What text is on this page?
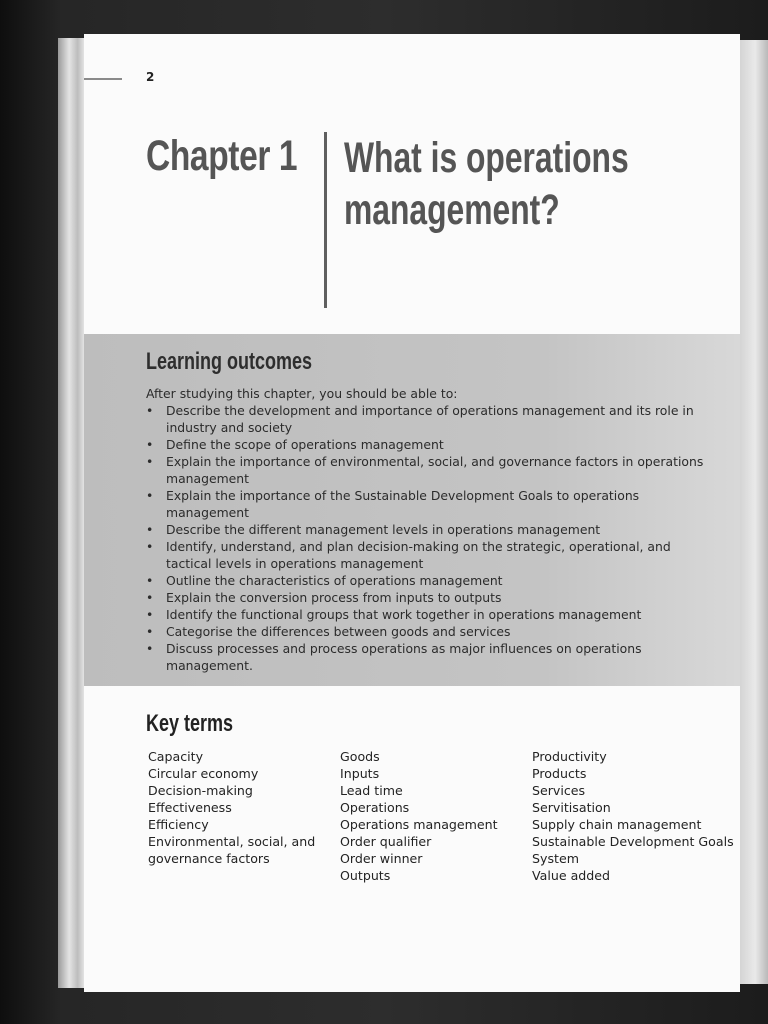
2
Chapter 1 What is operations management?
Learning outcomes
After studying this chapter, you should be able to:
• Describe the development and importance of operations management and its role in industry and society
• Define the scope of operations management
• Explain the importance of environmental, social, and governance factors in operations management
• Explain the importance of the Sustainable Development Goals to operations management
• Describe the different management levels in operations management
• Identify, understand, and plan decision-making on the strategic, operational, and tactical levels in operations management
• Outline the characteristics of operations management
• Explain the conversion process from inputs to outputs
• Identify the functional groups that work together in operations management
• Categorise the differences between goods and services
• Discuss processes and process operations as major influences on operations management.
Key terms
Capacity
Circular economy
Decision-making
Effectiveness
Efficiency
Environmental, social, and governance factors
Goods
Inputs
Lead time
Operations
Operations management
Order qualifier
Order winner
Outputs
Productivity
Products
Services
Servitisation
Supply chain management
Sustainable Development Goals
System
Value added
